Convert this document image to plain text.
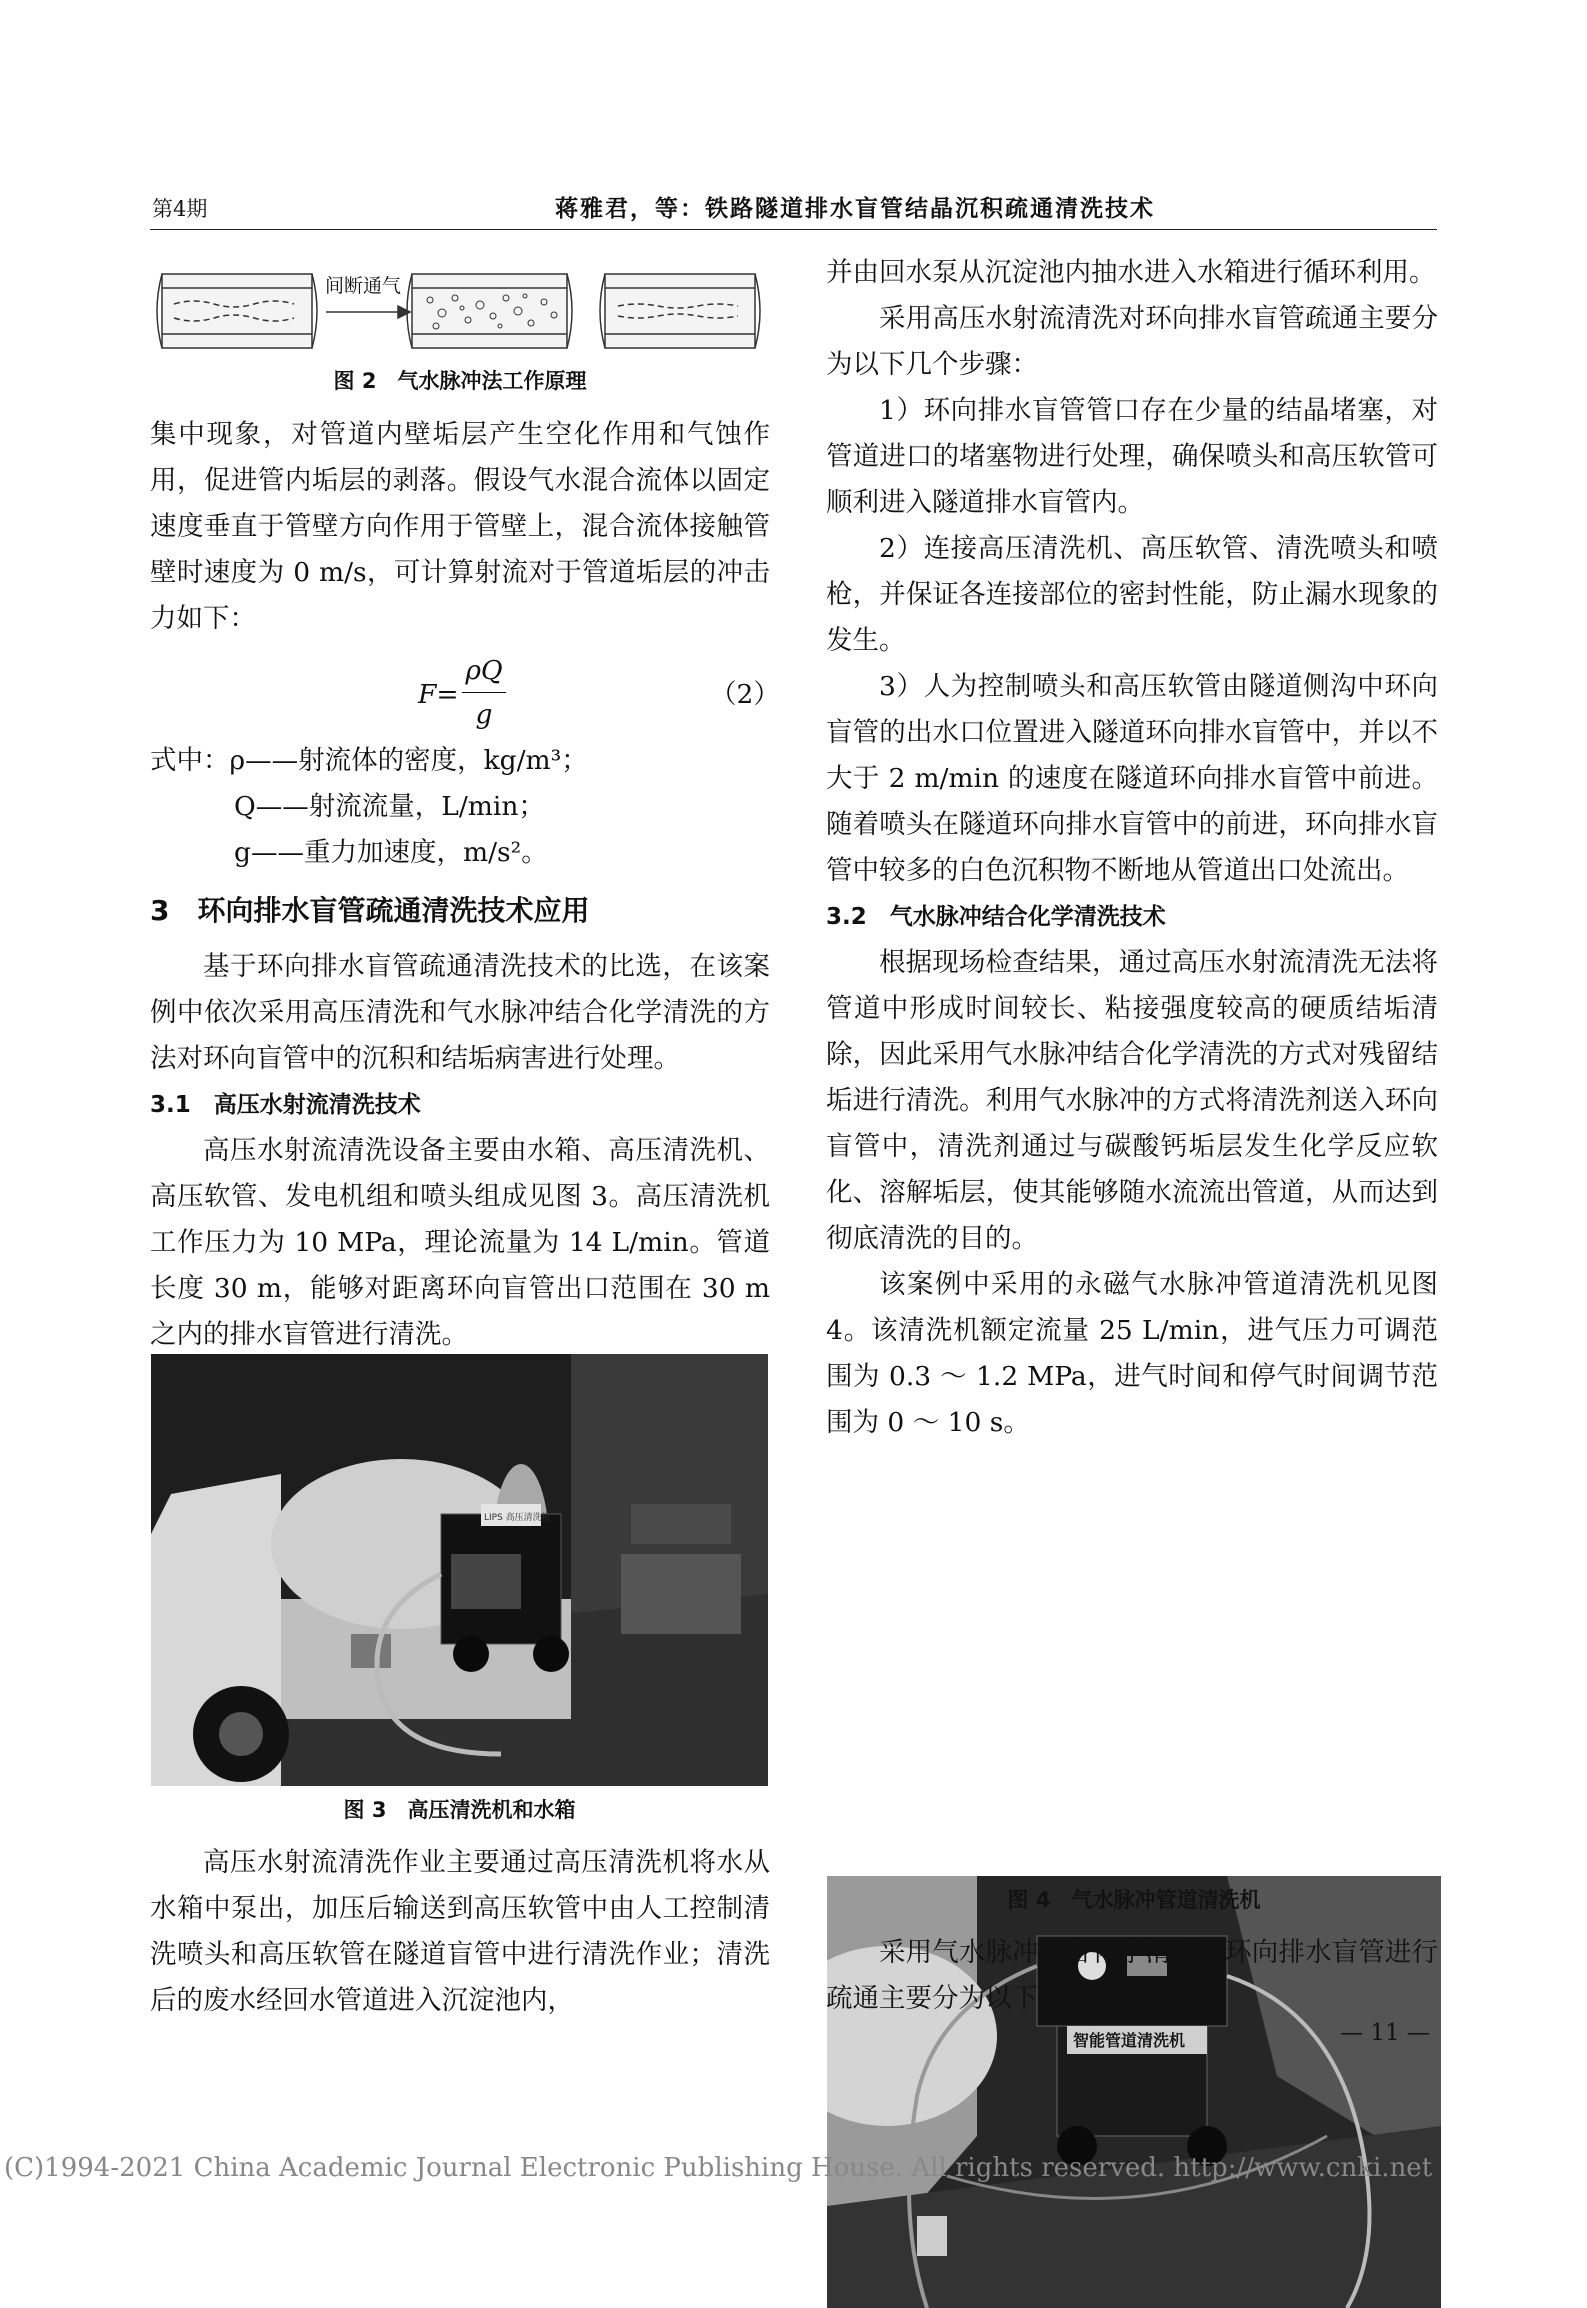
第4期	蒋雅君，等：铁路隧道排水盲管结晶沉积疏通清洗技术
间断通气

图 2　气水脉冲法工作原理

集中现象，对管道内壁垢层产生空化作用和气蚀作用，促进管内垢层的剥落。假设气水混合流体以固定速度垂直于管壁方向作用于管壁上，混合流体接触管壁时速度为 0 m/s，可计算射流对于管道垢层的冲击力如下：

F=
ρQ
g
（2）

式中：ρ——射流体的密度，kg/m³；

Q——射流流量，L/min；

g——重力加速度，m/s²。

3　环向排水盲管疏通清洗技术应用

基于环向排水盲管疏通清洗技术的比选，在该案例中依次采用高压清洗和气水脉冲结合化学清洗的方法对环向盲管中的沉积和结垢病害进行处理。

3.1　高压水射流清洗技术

高压水射流清洗设备主要由水箱、高压清洗机、高压软管、发电机组和喷头组成见图 3。高压清洗机工作压力为 10 MPa，理论流量为 14 L/min。管道长度 30 m，能够对距离环向盲管出口范围在 30 m 之内的排水盲管进行清洗。

LIPS 高压清洗机

图 3　高压清洗机和水箱

高压水射流清洗作业主要通过高压清洗机将水从水箱中泵出，加压后输送到高压软管中由人工控制清洗喷头和高压软管在隧道盲管中进行清洗作业；清洗后的废水经回水管道进入沉淀池内，

并由回水泵从沉淀池内抽水进入水箱进行循环利用。

采用高压水射流清洗对环向排水盲管疏通主要分为以下几个步骤：

1）环向排水盲管管口存在少量的结晶堵塞，对管道进口的堵塞物进行处理，确保喷头和高压软管可顺利进入隧道排水盲管内。

2）连接高压清洗机、高压软管、清洗喷头和喷枪，并保证各连接部位的密封性能，防止漏水现象的发生。

3）人为控制喷头和高压软管由隧道侧沟中环向盲管的出水口位置进入隧道环向排水盲管中，并以不大于 2 m/min 的速度在隧道环向排水盲管中前进。随着喷头在隧道环向排水盲管中的前进，环向排水盲管中较多的白色沉积物不断地从管道出口处流出。

3.2　气水脉冲结合化学清洗技术

根据现场检查结果，通过高压水射流清洗无法将管道中形成时间较长、粘接强度较高的硬质结垢清除，因此采用气水脉冲结合化学清洗的方式对残留结垢进行清洗。利用气水脉冲的方式将清洗剂送入环向盲管中，清洗剂通过与碳酸钙垢层发生化学反应软化、溶解垢层，使其能够随水流流出管道，从而达到彻底清洗的目的。

该案例中采用的永磁气水脉冲管道清洗机见图 4。该清洗机额定流量 25 L/min，进气压力可调范围为 0.3 ～ 1.2 MPa，进气时间和停气时间调节范围为 0 ～ 10 s。

智能管道清洗机

图 4　气水脉冲管道清洗机

采用气水脉冲结合化学清洗对环向排水盲管进行疏通主要分为以下几个步骤：

— 11 —
(C)1994-2021 China Academic Journal Electronic Publishing House. All rights reserved. http://www.cnki.net
